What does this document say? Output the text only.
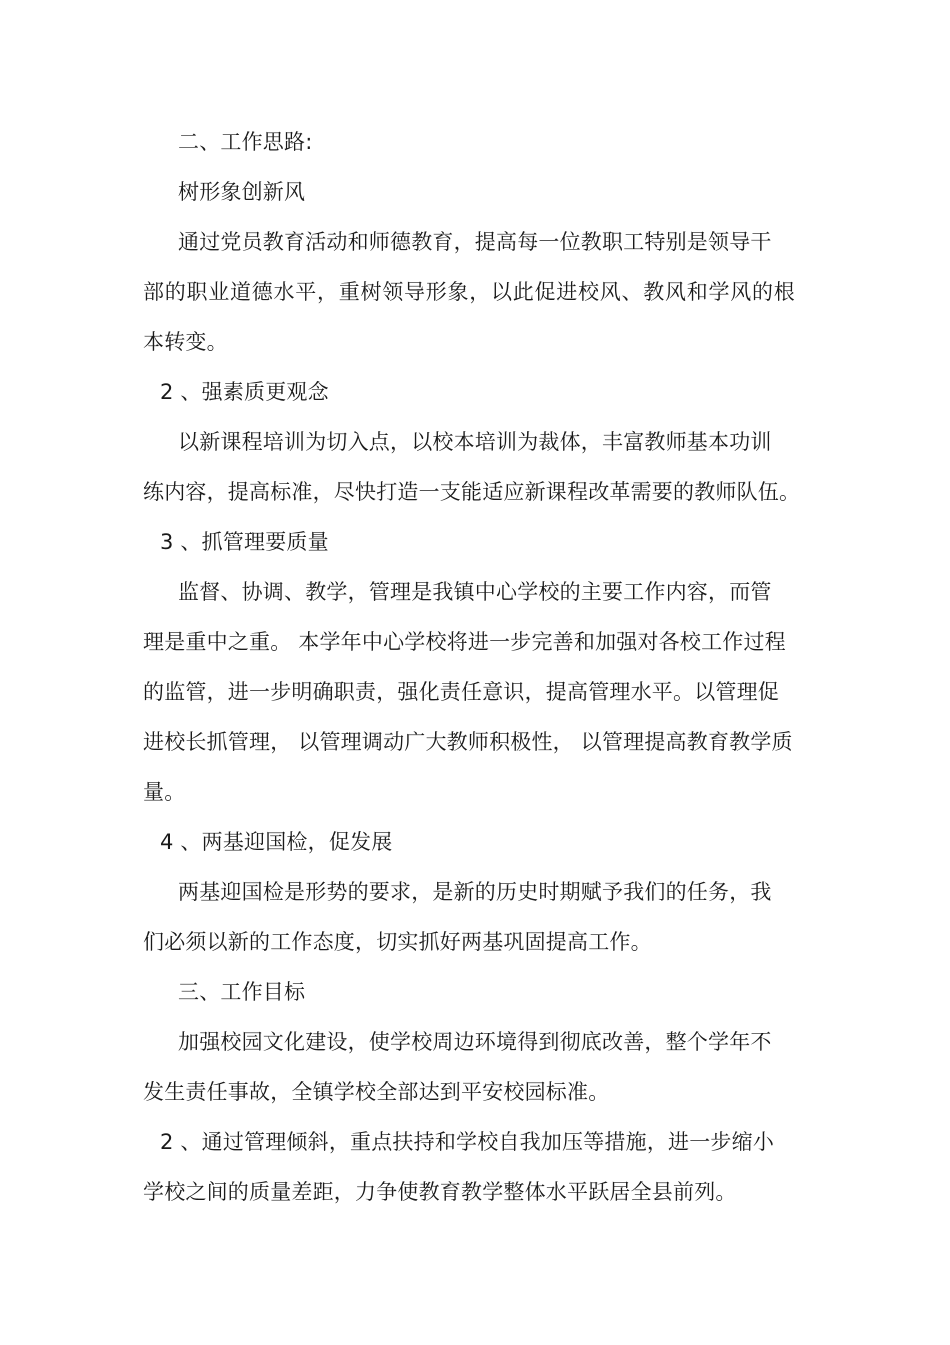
二、工作思路:
树形象创新风
通过党员教育活动和师德教育，提高每一位教职工特别是领导干
部的职业道德水平，重树领导形象，以此促进校风、教风和学风的根
本转变。
2 、强素质更观念
以新课程培训为切入点，以校本培训为裁体，丰富教师基本功训
练内容，提高标准，尽快打造一支能适应新课程改革需要的教师队伍。
3 、抓管理要质量
监督、协调、教学，管理是我镇中心学校的主要工作内容，而管
理是重中之重。 本学年中心学校将进一步完善和加强对各校工作过程
的监管，进一步明确职责，强化责任意识，提高管理水平。以管理促
进校长抓管理， 以管理调动广大教师积极性， 以管理提高教育教学质
量。
4 、两基迎国检，促发展
两基迎国检是形势的要求，是新的历史时期赋予我们的任务，我
们必须以新的工作态度，切实抓好两基巩固提高工作。
三、工作目标
加强校园文化建设，使学校周边环境得到彻底改善，整个学年不
发生责任事故，全镇学校全部达到平安校园标准。
2 、通过管理倾斜，重点扶持和学校自我加压等措施，进一步缩小
学校之间的质量差距，力争使教育教学整体水平跃居全县前列。
